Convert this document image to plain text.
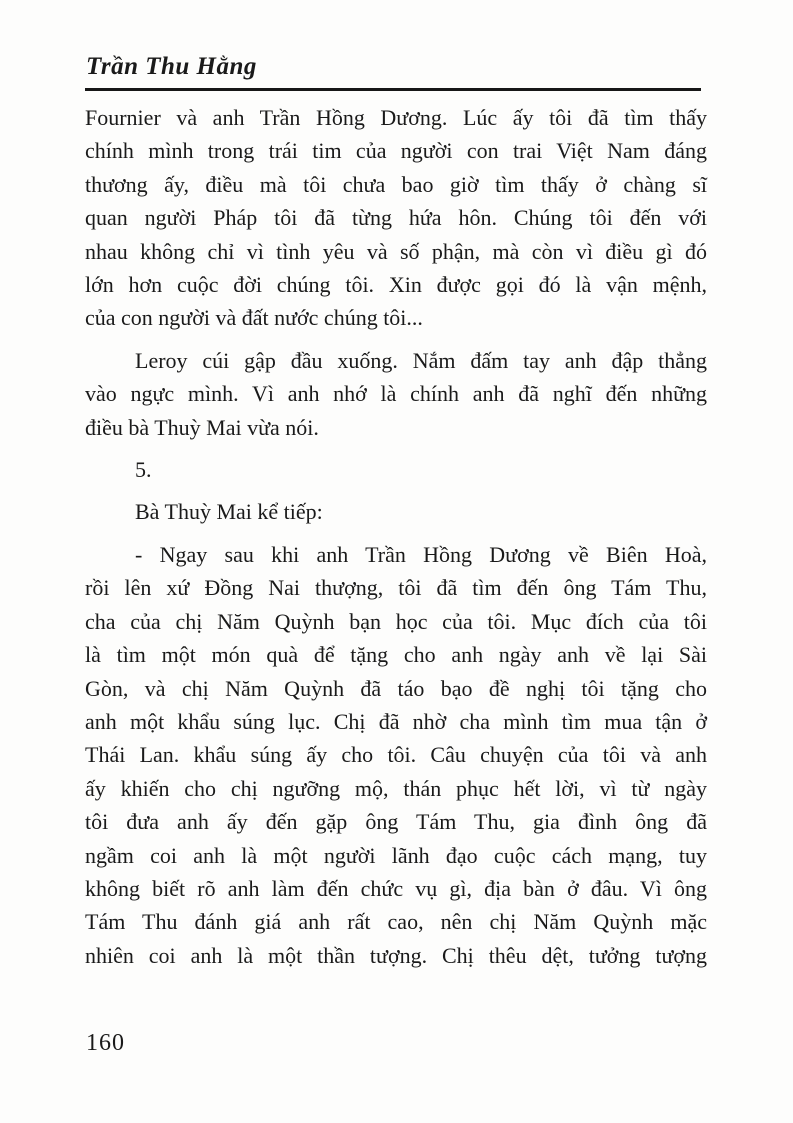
Trần Thu Hằng

Fournier và anh Trần Hồng Dương. Lúc ấy tôi đã tìm thấy
chính mình trong trái tim của người con trai Việt Nam đáng
thương ấy, điều mà tôi chưa bao giờ tìm thấy ở chàng sĩ
quan người Pháp tôi đã từng hứa hôn. Chúng tôi đến với
nhau không chỉ vì tình yêu và số phận, mà còn vì điều gì đó
lớn hơn cuộc đời chúng tôi. Xin được gọi đó là vận mệnh,
của con người và đất nước chúng tôi...

Leroy cúi gập đầu xuống. Nắm đấm tay anh đập thẳng
vào ngực mình. Vì anh nhớ là chính anh đã nghĩ đến những
điều bà Thuỳ Mai vừa nói.

5.

Bà Thuỳ Mai kể tiếp:

- Ngay sau khi anh Trần Hồng Dương về Biên Hoà,
rồi lên xứ Đồng Nai thượng, tôi đã tìm đến ông Tám Thu,
cha của chị Năm Quỳnh bạn học của tôi. Mục đích của tôi
là tìm một món quà để tặng cho anh ngày anh về lại Sài
Gòn, và chị Năm Quỳnh đã táo bạo đề nghị tôi tặng cho
anh một khẩu súng lục. Chị đã nhờ cha mình tìm mua tận ở
Thái Lan. khẩu súng ấy cho tôi. Câu chuyện của tôi và anh
ấy khiến cho chị ngưỡng mộ, thán phục hết lời, vì từ ngày
tôi đưa anh ấy đến gặp ông Tám Thu, gia đình ông đã
ngầm coi anh là một người lãnh đạo cuộc cách mạng, tuy
không biết rõ anh làm đến chức vụ gì, địa bàn ở đâu. Vì ông
Tám Thu đánh giá anh rất cao, nên chị Năm Quỳnh mặc
nhiên coi anh là một thần tượng. Chị thêu dệt, tưởng tượng

160
